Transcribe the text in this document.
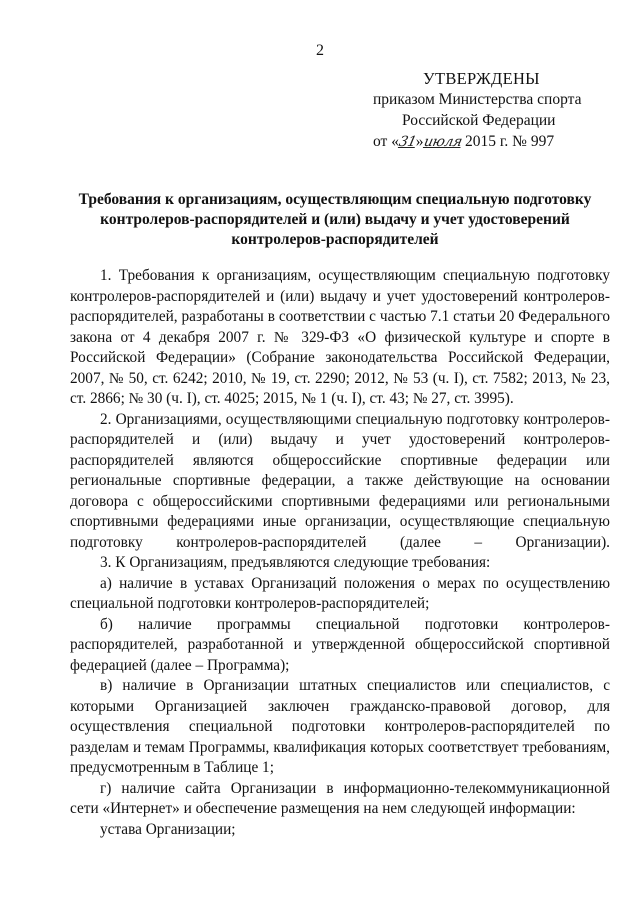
2
УТВЕРЖДЕНЫ
приказом Министерства спорта
Российской Федерации
от «31»июля 2015 г. № 997
Требования к организациям, осуществляющим специальную подготовку
контролеров-распорядителей и (или) выдачу и учет удостоверений
контролеров-распорядителей

1. Требования к организациям, осуществляющим специальную подготовку контролеров-распорядителей и (или) выдачу и учет удостоверений контролеров-распорядителей, разработаны в соответствии с частью 7.1 статьи 20 Федерального закона от 4 декабря 2007 г. № 329-ФЗ «О физической культуре и спорте в Российской Федерации» (Собрание законодательства Российской Федерации, 2007, № 50, ст. 6242; 2010, № 19, ст. 2290; 2012, № 53 (ч. I), ст. 7582; 2013, № 23, ст. 2866; № 30 (ч. I), ст. 4025; 2015, № 1 (ч. I), ст. 43; № 27, ст. 3995).

2. Организациями, осуществляющими специальную подготовку контролеров-распорядителей и (или) выдачу и учет удостоверений контролеров-распорядителей являются общероссийские спортивные федерации или региональные спортивные федерации, а также действующие на основании договора с общероссийскими спортивными федерациями или региональными спортивными федерациями иные организации, осуществляющие специальную подготовку контролеров-распорядителей (далее – Организации).

3. К Организациям, предъявляются следующие требования:

а) наличие в уставах Организаций положения о мерах по осуществлению специальной подготовки контролеров-распорядителей;

б) наличие программы специальной подготовки контролеров-распорядителей, разработанной и утвержденной общероссийской спортивной федерацией (далее – Программа);

в) наличие в Организации штатных специалистов или специалистов, с которыми Организацией заключен гражданско-правовой договор, для осуществления специальной подготовки контролеров-распорядителей по разделам и темам Программы, квалификация которых соответствует требованиям, предусмотренным в Таблице 1;

г) наличие сайта Организации в информационно-телекоммуникационной сети «Интернет» и обеспечение размещения на нем следующей информации:

устава Организации;
